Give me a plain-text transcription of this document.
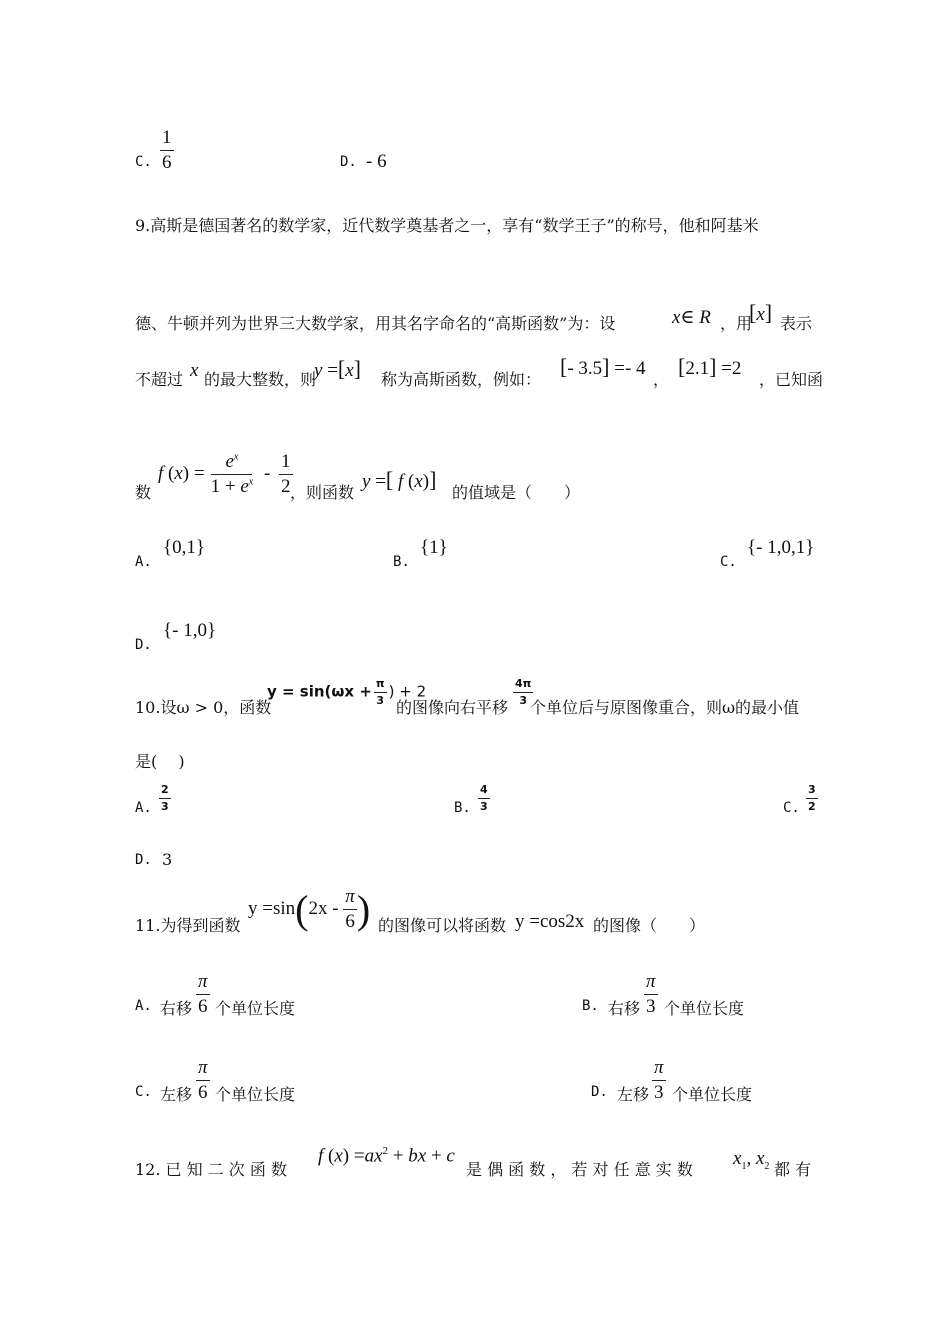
C. $\frac{1}{6}$	D. - 6
9.高斯是德国著名的数学家，近代数学奠基者之一，享有“数学王子”的称号，他和阿基米
德、牛顿并列为世界三大数学家，用其名字命名的“高斯函数”为：设	x∈ R ，用
[x] 表示
不超过 x 的最大整数，则
y =[x] 称为高斯函数，例如：
[- 3.5] =- 4
，
[2.1] =2
，已知函
数
f $(x) = \frac{e^x}{1 + e^x} - \frac{1}{2}$
，则函数
y =[ f (x)]
的值域是（　　）
A.
{0,1}
B.
{1}
C.
{- 1,0,1}
D.
{- 1,0}
10.设ω > 0，函数
$y = \sin(\omega x + \frac{\pi}{3}$ ) + 2
的图像向右平移
$\frac{4\pi}{3}$
个单位后与原图像重合，则ω的最小值
是(　 )
A. $\frac{2}{3}$	B. $\frac{4}{3}$	C. $\frac{3}{2}$
D. 3
11.为得到函数
$y =\sin(2x - \frac{\pi}{6}$ ) 的图像可以将函数 y =cos2x 的图像（　　）
A. 右移 $\frac{\pi}{6}$ 个单位长度	B. 右移 $\frac{\pi}{3}$ 个单位长度
C. 左移 $\frac{\pi}{6}$ 个单位长度	D. 左移 $\frac{\pi}{3}$ 个单位长度
12. 已 知 二 次 函 数
f $(x) =ax^2$ + bx + c
是 偶 函 数 ， 若 对 任 意 实 数
$x_1$, $x_2$ 都 有
